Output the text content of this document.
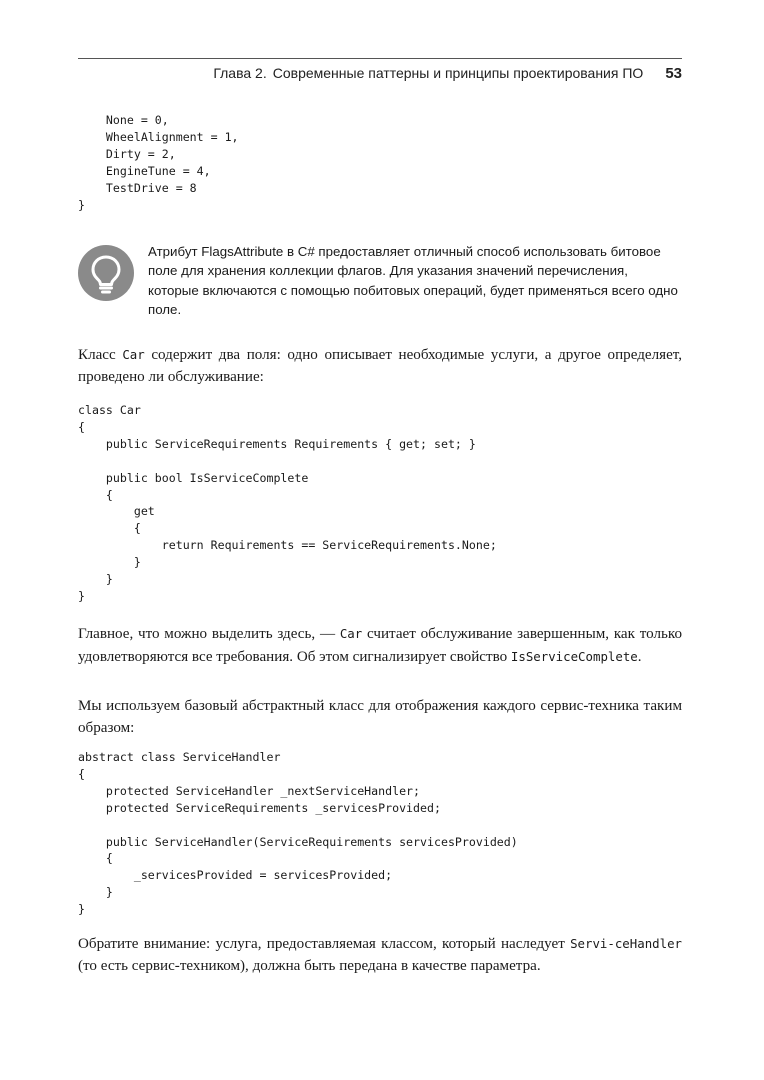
Глава 2. Современные паттерны и принципы проектирования ПО 53
None = 0,
WheelAlignment = 1,
Dirty = 2,
EngineTune = 4,
TestDrive = 8
}
Атрибут FlagsAttribute в C# предоставляет отличный способ использовать битовое поле для хранения коллекции флагов. Для указания значений перечисления, которые включаются с помощью побитовых операций, будет применяться всего одно поле.
Класс Car содержит два поля: одно описывает необходимые услуги, а другое определяет, проведено ли обслуживание:
class Car
{
public ServiceRequirements Requirements { get; set; }

public bool IsServiceComplete
{
get
{
return Requirements == ServiceRequirements.None;
}
}
}
Главное, что можно выделить здесь, — Car считает обслуживание завершенным, как только удовлетворяются все требования. Об этом сигнализирует свойство IsServiceComplete.
Мы используем базовый абстрактный класс для отображения каждого сервис-техника таким образом:
abstract class ServiceHandler
{
protected ServiceHandler _nextServiceHandler;
protected ServiceRequirements _servicesProvided;

public ServiceHandler(ServiceRequirements servicesProvided)
{
_servicesProvided = servicesProvided;
}
}
Обратите внимание: услуга, предоставляемая классом, который наследует Servi-ceHandler (то есть сервис-техником), должна быть передана в качестве параметра.
